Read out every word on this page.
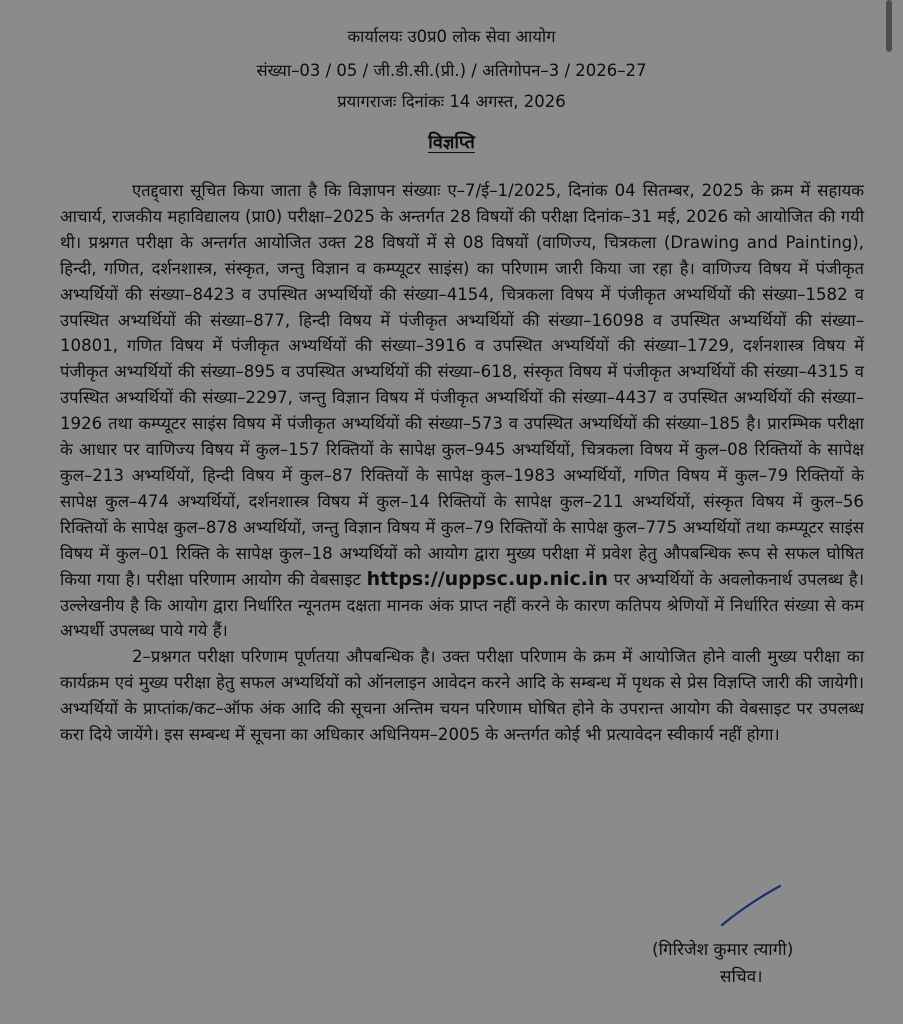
कार्यालयः उ0प्र0 लोक सेवा आयोग
संख्या–03 / 05 / जी.डी.सी.(प्री.) / अतिगोपन–3 / 2026–27
प्रयागराजः दिनांकः 14 अगस्त, 2026
विज्ञप्ति

एतद्द्वारा सूचित किया जाता है कि विज्ञापन संख्याः ए–7/ई–1/2025, दिनांक 04 सितम्बर, 2025 के क्रम में सहायक आचार्य, राजकीय महाविद्यालय (प्रा0) परीक्षा–2025 के अन्तर्गत 28 विषयों की परीक्षा दिनांक–31 मई, 2026 को आयोजित की गयी थी। प्रश्नगत परीक्षा के अन्तर्गत आयोजित उक्त 28 विषयों में से 08 विषयों (वाणिज्य, चित्रकला (Drawing and Painting), हिन्दी, गणित, दर्शनशास्त्र, संस्कृत, जन्तु विज्ञान व कम्प्यूटर साइंस) का परिणाम जारी किया जा रहा है। वाणिज्य विषय में पंजीकृत अभ्यर्थियों की संख्या–8423 व उपस्थित अभ्यर्थियों की संख्या–4154, चित्रकला विषय में पंजीकृत अभ्यर्थियों की संख्या–1582 व उपस्थित अभ्यर्थियों की संख्या–877, हिन्दी विषय में पंजीकृत अभ्यर्थियों की संख्या–16098 व उपस्थित अभ्यर्थियों की संख्या–10801, गणित विषय में पंजीकृत अभ्यर्थियों की संख्या–3916 व उपस्थित अभ्यर्थियों की संख्या–1729, दर्शनशास्त्र विषय में पंजीकृत अभ्यर्थियों की संख्या–895 व उपस्थित अभ्यर्थियों की संख्या–618, संस्कृत विषय में पंजीकृत अभ्यर्थियों की संख्या–4315 व उपस्थित अभ्यर्थियों की संख्या–2297, जन्तु विज्ञान विषय में पंजीकृत अभ्यर्थियों की संख्या–4437 व उपस्थित अभ्यर्थियों की संख्या–1926 तथा कम्प्यूटर साइंस विषय में पंजीकृत अभ्यर्थियों की संख्या–573 व उपस्थित अभ्यर्थियों की संख्या–185 है। प्रारम्भिक परीक्षा के आधार पर वाणिज्य विषय में कुल–157 रिक्तियों के सापेक्ष कुल–945 अभ्यर्थियों, चित्रकला विषय में कुल–08 रिक्तियों के सापेक्ष कुल–213 अभ्यर्थियों, हिन्दी विषय में कुल–87 रिक्तियों के सापेक्ष कुल–1983 अभ्यर्थियों, गणित विषय में कुल–79 रिक्तियों के सापेक्ष कुल–474 अभ्यर्थियों, दर्शनशास्त्र विषय में कुल–14 रिक्तियों के सापेक्ष कुल–211 अभ्यर्थियों, संस्कृत विषय में कुल–56 रिक्तियों के सापेक्ष कुल–878 अभ्यर्थियों, जन्तु विज्ञान विषय में कुल–79 रिक्तियों के सापेक्ष कुल–775 अभ्यर्थियों तथा कम्प्यूटर साइंस विषय में कुल–01 रिक्ति के सापेक्ष कुल–18 अभ्यर्थियों को आयोग द्वारा मुख्य परीक्षा में प्रवेश हेतु औपबन्धिक रूप से सफल घोषित किया गया है। परीक्षा परिणाम आयोग की वेबसाइट https://uppsc.up.nic.in पर अभ्यर्थियों के अवलोकनार्थ उपलब्ध है। उल्लेखनीय है कि आयोग द्वारा निर्धारित न्यूनतम दक्षता मानक अंक प्राप्त नहीं करने के कारण कतिपय श्रेणियों में निर्धारित संख्या से कम अभ्यर्थी उपलब्ध पाये गये हैं।

2–प्रश्नगत परीक्षा परिणाम पूर्णतया औपबन्धिक है। उक्त परीक्षा परिणाम के क्रम में आयोजित होने वाली मुख्य परीक्षा का कार्यक्रम एवं मुख्य परीक्षा हेतु सफल अभ्यर्थियों को ऑनलाइन आवेदन करने आदि के सम्बन्ध में पृथक से प्रेस विज्ञप्ति जारी की जायेगी। अभ्यर्थियों के प्राप्तांक/कट–ऑफ अंक आदि की सूचना अन्तिम चयन परिणाम घोषित होने के उपरान्त आयोग की वेबसाइट पर उपलब्ध करा दिये जायेंगे। इस सम्बन्ध में सूचना का अधिकार अधिनियम–2005 के अन्तर्गत कोई भी प्रत्यावेदन स्वीकार्य नहीं होगा।

(गिरिजेश कुमार त्यागी)
सचिव।
